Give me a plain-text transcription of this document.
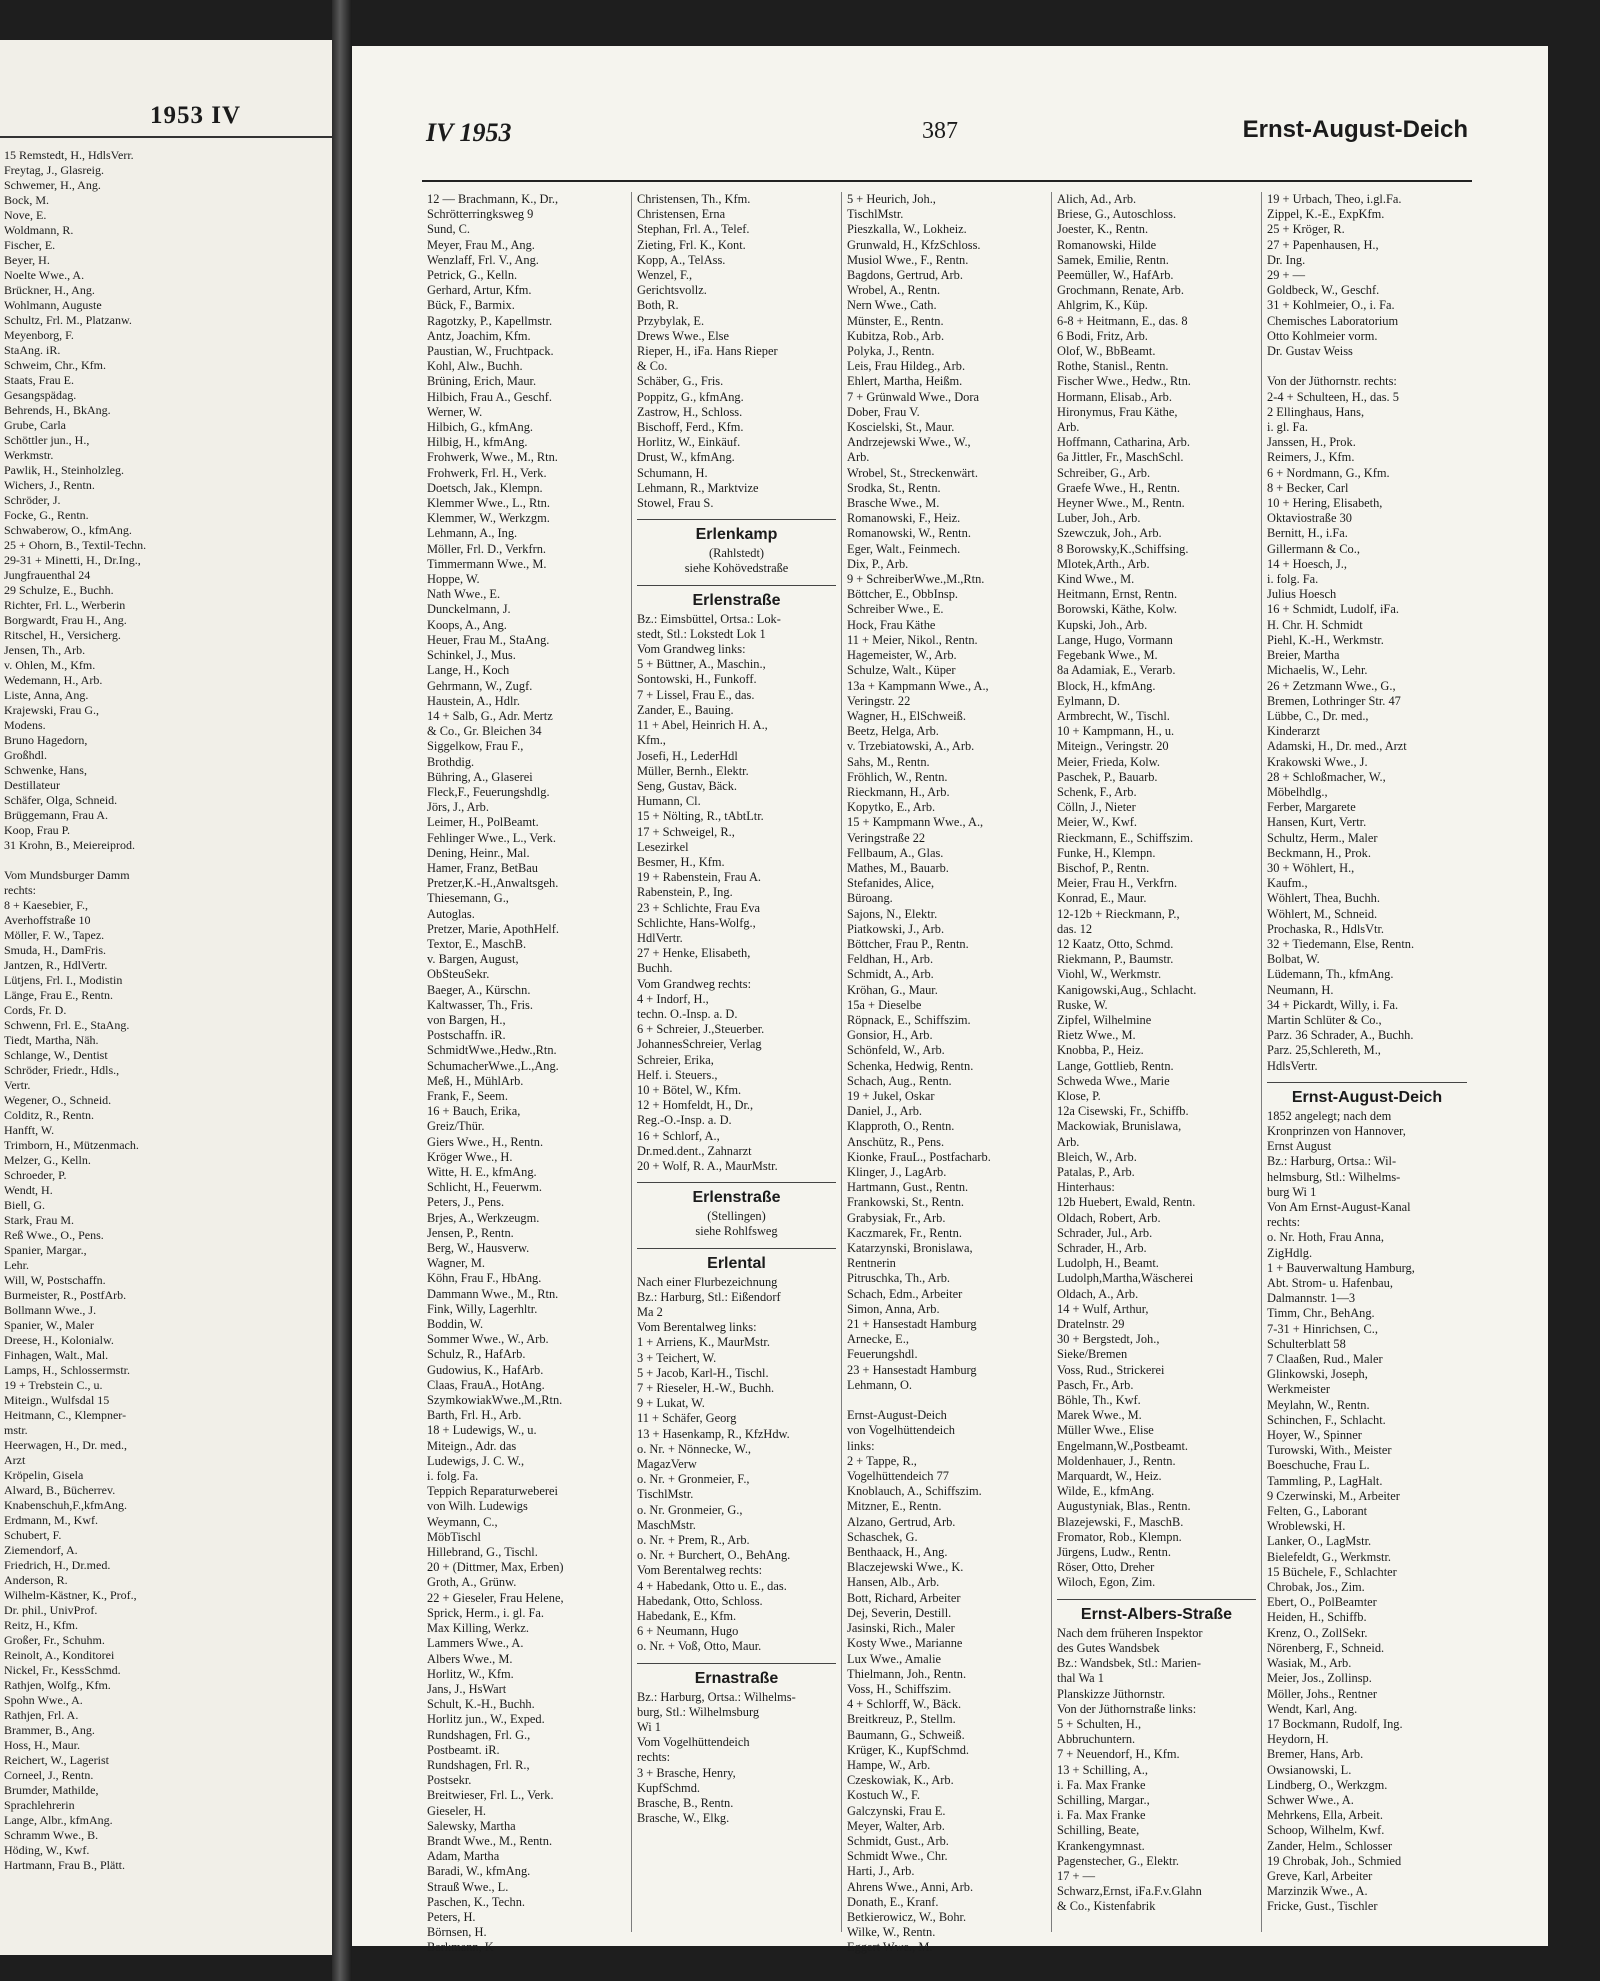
1953 IV
15 Remstedt, H., HdlsVerr.
Freytag, J., Glasreig.
Schwemer, H., Ang.
Bock, M.
Nove, E.
Woldmann, R.
Fischer, E.
Beyer, H.
Noelte Wwe., A.
Brückner, H., Ang.
Wohlmann, Auguste
Schultz, Frl. M., Platzanw.
Meyenborg, F.
StaAng. iR.
Schweim, Chr., Kfm.
Staats, Frau E.
Gesangspädag.
Behrends, H., BkAng.
Grube, Carla
Schöttler jun., H.,
Werkmstr.
Pawlik, H., Steinholzleg.
Wichers, J., Rentn.
Schröder, J.
Focke, G., Rentn.
Schwaberow, O., kfmAng.
25 + Ohorn, B., Textil-Techn.
29-31 + Minetti, H., Dr.Ing.,
Jungfrauenthal 24
29 Schulze, E., Buchh.
Richter, Frl. L., Werberin
Borgwardt, Frau H., Ang.
Ritschel, H., Versicherg.
Jensen, Th., Arb.
v. Ohlen, M., Kfm.
Wedemann, H., Arb.
Liste, Anna, Ang.
Krajewski, Frau G.,
Modens.
Bruno Hagedorn,
Großhdl.
Schwenke, Hans,
Destillateur
Schäfer, Olga, Schneid.
Brüggemann, Frau A.
Koop, Frau P.
31 Krohn, B., Meiereiprod.

Vom Mundsburger Damm
rechts:
8 + Kaesebier, F.,
Averhoffstraße 10
Möller, F. W., Tapez.
Smuda, H., DamFris.
Jantzen, R., HdlVertr.
Lütjens, Frl. I., Modistin
Länge, Frau E., Rentn.
Cords, Fr. D.
Schwenn, Frl. E., StaAng.
Tiedt, Martha, Näh.
Schlange, W., Dentist
Schröder, Friedr., Hdls.,
Vertr.
Wegener, O., Schneid.
Colditz, R., Rentn.
Hanfft, W.
Trimborn, H., Mützenmach.
Melzer, G., Kelln.
Schroeder, P.
Wendt, H.
Biell, G.
Stark, Frau M.
Reß Wwe., O., Pens.
Spanier, Margar.,
Lehr.
Will, W, Postschaffn.
Burmeister, R., PostfArb.
Bollmann Wwe., J.
Spanier, W., Maler
Dreese, H., Kolonialw.
Finhagen, Walt., Mal.
Lamps, H., Schlossermstr.
19 + Trebstein C., u.
Miteign., Wulfsdal 15
Heitmann, C., Klempner-
mstr.
Heerwagen, H., Dr. med.,
Arzt
Kröpelin, Gisela
Alward, B., Bücherrev.
Knabenschuh,F.,kfmAng.
Erdmann, M., Kwf.
Schubert, F.
Ziemendorf, A.
Friedrich, H., Dr.med.
Anderson, R.
Wilhelm-Kästner, K., Prof.,
Dr. phil., UnivProf.
Reitz, H., Kfm.
Großer, Fr., Schuhm.
Reinolt, A., Konditorei
Nickel, Fr., KessSchmd.
Rathjen, Wolfg., Kfm.
Spohn Wwe., A.
Rathjen, Frl. A.
Brammer, B., Ang.
Hoss, H., Maur.
Reichert, W., Lagerist
Corneel, J., Rentn.
Brumder, Mathilde,
Sprachlehrerin
Lange, Albr., kfmAng.
Schramm Wwe., B.
Höding, W., Kwf.
Hartmann, Frau B., Plätt.
IV 1953	387	Ernst-August-Deich
12 — Brachmann, K., Dr.,
Schrötterringksweg 9
Sund, C.
Meyer, Frau M., Ang.
Wenzlaff, Frl. V., Ang.
Petrick, G., Kelln.
Gerhard, Artur, Kfm.
Bück, F., Barmix.
Ragotzky, P., Kapellmstr.
Antz, Joachim, Kfm.
Paustian, W., Fruchtpack.
Kohl, Alw., Buchh.
Brüning, Erich, Maur.
Hilbich, Frau A., Geschf.
Werner, W.
Hilbich, G., kfmAng.
Hilbig, H., kfmAng.
Frohwerk, Wwe., M., Rtn.
Frohwerk, Frl. H., Verk.
Doetsch, Jak., Klempn.
Klemmer Wwe., L., Rtn.
Klemmer, W., Werkzgm.
Lehmann, A., Ing.
Möller, Frl. D., Verkfrn.
Timmermann Wwe., M.
Hoppe, W.
Nath Wwe., E.
Dunckelmann, J.
Koops, A., Ang.
Heuer, Frau M., StaAng.
Schinkel, J., Mus.
Lange, H., Koch
Gehrmann, W., Zugf.
Haustein, A., Hdlr.
14 + Salb, G., Adr. Mertz
& Co., Gr. Bleichen 34
Siggelkow, Frau F.,
Brothdig.
Bühring, A., Glaserei
Fleck,F., Feuerungshdlg.
Jörs, J., Arb.
Leimer, H., PolBeamt.
Fehlinger Wwe., L., Verk.
Dening, Heinr., Mal.
Hamer, Franz, BetBau
Pretzer,K.-H.,Anwaltsgeh.
Thiesemann, G.,
Autoglas.
Pretzer, Marie, ApothHelf.
Textor, E., MaschB.
v. Bargen, August,
ObSteuSekr.
Baeger, A., Kürschn.
Kaltwasser, Th., Fris.
von Bargen, H.,
Postschaffn. iR.
SchmidtWwe.,Hedw.,Rtn.
SchumacherWwe.,L.,Ang.
Meß, H., MühlArb.
Frank, F., Seem.
16 + Bauch, Erika,
Greiz/Thür.
Giers Wwe., H., Rentn.
Kröger Wwe., H.
Witte, H. E., kfmAng.
Schlicht, H., Feuerwm.
Peters, J., Pens.
Brjes, A., Werkzeugm.
Jensen, P., Rentn.
Berg, W., Hausverw.
Wagner, M.
Köhn, Frau F., HbAng.
Dammann Wwe., M., Rtn.
Fink, Willy, Lagerhltr.
Boddin, W.
Sommer Wwe., W., Arb.
Schulz, R., HafArb.
Gudowius, K., HafArb.
Claas, FrauA., HotAng.
SzymkowiakWwe.,M.,Rtn.
Barth, Frl. H., Arb.
18 + Ludewigs, W., u.
Miteign., Adr. das
Ludewigs, J. C. W.,
i. folg. Fa.
Teppich Reparaturweberei
von Wilh. Ludewigs
Weymann, C.,
MöbTischl
Hillebrand, G., Tischl.
20 + (Dittmer, Max, Erben)
Groth, A., Grünw.
22 + Gieseler, Frau Helene,
Sprick, Herm., i. gl. Fa.
Max Killing, Werkz.
Lammers Wwe., A.
Albers Wwe., M.
Horlitz, W., Kfm.
Jans, J., HsWart
Schult, K.-H., Buchh.
Horlitz jun., W., Exped.
Rundshagen, Frl. G.,
Postbeamt. iR.
Rundshagen, Frl. R.,
Postsekr.
Breitwieser, Frl. L., Verk.
Gieseler, H.
Salewsky, Martha
Brandt Wwe., M., Rentn.
Adam, Martha
Baradi, W., kfmAng.
Strauß Wwe., L.
Paschen, K., Techn.
Peters, H.
Börnsen, H.
Barkmann, K
Christensen, Th., Kfm.
Christensen, Erna
Stephan, Frl. A., Telef.
Zieting, Frl. K., Kont.
Kopp, A., TelAss.
Wenzel, F.,
Gerichtsvollz.
Both, R.
Przybylak, E.
Drews Wwe., Else
Rieper, H., iFa. Hans Rieper
& Co.
Schäber, G., Fris.
Poppitz, G., kfmAng.
Zastrow, H., Schloss.
Bischoff, Ferd., Kfm.
Horlitz, W., Einkäuf.
Drust, W., kfmAng.
Schumann, H.
Lehmann, R., Marktvize
Stowel, Frau S.
Erlenkamp
(Rahlstedt)
siehe Kohövedstraße
Erlenstraße
Bz.: Eimsbüttel, Ortsa.: Lok-
stedt, Stl.: Lokstedt Lok 1
Vom Grandweg links:
5 + Büttner, A., Maschin.,
Sontowski, H., Funkoff.
7 + Lissel, Frau E., das.
Zander, E., Bauing.
11 + Abel, Heinrich H. A.,
Kfm.,
Josefi, H., LederHdl
Müller, Bernh., Elektr.
Seng, Gustav, Bäck.
Humann, Cl.
15 + Nölting, R., tAbtLtr.
17 + Schweigel, R.,
Lesezirkel
Besmer, H., Kfm.
19 + Rabenstein, Frau A.
Rabenstein, P., Ing.
23 + Schlichte, Frau Eva
Schlichte, Hans-Wolfg.,
HdlVertr.
27 + Henke, Elisabeth,
Buchh.
Vom Grandweg rechts:
4 + Indorf, H.,
techn. O.-Insp. a. D.
6 + Schreier, J.,Steuerber.
JohannesSchreier, Verlag
Schreier, Erika,
Helf. i. Steuers.,
10 + Bötel, W., Kfm.
12 + Homfeldt, H., Dr.,
Reg.-O.-Insp. a. D.
16 + Schlorf, A.,
Dr.med.dent., Zahnarzt
20 + Wolf, R. A., MaurMstr.
Erlenstraße
(Stellingen)
siehe Rohlfsweg
Erlental
Nach einer Flurbezeichnung
Bz.: Harburg, Stl.: Eißendorf
Ma 2
Vom Berentalweg links:
1 + Arriens, K., MaurMstr.
3 + Teichert, W.
5 + Jacob, Karl-H., Tischl.
7 + Rieseler, H.-W., Buchh.
9 + Lukat, W.
11 + Schäfer, Georg
13 + Hasenkamp, R., KfzHdw.
o. Nr. + Nönnecke, W.,
MagazVerw
o. Nr. + Gronmeier, F.,
TischlMstr.
o. Nr. Gronmeier, G.,
MaschMstr.
o. Nr. + Prem, R., Arb.
o. Nr. + Burchert, O., BehAng.
Vom Berentalweg rechts:
4 + Habedank, Otto u. E., das.
Habedank, Otto, Schloss.
Habedank, E., Kfm.
6 + Neumann, Hugo
o. Nr. + Voß, Otto, Maur.
Ernastraße
Bz.: Harburg, Ortsa.: Wilhelms-
burg, Stl.: Wilhelmsburg
Wi 1
Vom Vogelhüttendeich
rechts:
3 + Brasche, Henry,
KupfSchmd.
Brasche, B., Rentn.
Brasche, W., Elkg.
5 + Heurich, Joh.,
TischlMstr.
Pieszkalla, W., Lokheiz.
Grunwald, H., KfzSchloss.
Musiol Wwe., F., Rentn.
Bagdons, Gertrud, Arb.
Wrobel, A., Rentn.
Nern Wwe., Cath.
Münster, E., Rentn.
Kubitza, Rob., Arb.
Polyka, J., Rentn.
Leis, Frau Hildeg., Arb.
Ehlert, Martha, Heißm.
7 + Grünwald Wwe., Dora
Dober, Frau V.
Koscielski, St., Maur.
Andrzejewski Wwe., W.,
Arb.
Wrobel, St., Streckenwärt.
Srodka, St., Rentn.
Brasche Wwe., M.
Romanowski, F., Heiz.
Romanowski, W., Rentn.
Eger, Walt., Feinmech.
Dix, P., Arb.
9 + SchreiberWwe.,M.,Rtn.
Böttcher, E., ObbInsp.
Schreiber Wwe., E.
Hock, Frau Käthe
11 + Meier, Nikol., Rentn.
Hagemeister, W., Arb.
Schulze, Walt., Küper
13a + Kampmann Wwe., A.,
Veringstr. 22
Wagner, H., ElSchweiß.
Beetz, Helga, Arb.
v. Trzebiatowski, A., Arb.
Sahs, M., Rentn.
Fröhlich, W., Rentn.
Rieckmann, H., Arb.
Kopytko, E., Arb.
15 + Kampmann Wwe., A.,
Veringstraße 22
Fellbaum, A., Glas.
Mathes, M., Bauarb.
Stefanides, Alice,
Büroang.
Sajons, N., Elektr.
Piatkowski, J., Arb.
Böttcher, Frau P., Rentn.
Feldhan, H., Arb.
Schmidt, A., Arb.
Kröhan, G., Maur.
15a + Dieselbe
Röpnack, E., Schiffszim.
Gonsior, H., Arb.
Schönfeld, W., Arb.
Schenka, Hedwig, Rentn.
Schach, Aug., Rentn.
19 + Jukel, Oskar
Daniel, J., Arb.
Klapproth, O., Rentn.
Anschütz, R., Pens.
Kionke, FrauL., Postfacharb.
Klinger, J., LagArb.
Hartmann, Gust., Rentn.
Frankowski, St., Rentn.
Grabysiak, Fr., Arb.
Kaczmarek, Fr., Rentn.
Katarzynski, Bronislawa,
Rentnerin
Pitruschka, Th., Arb.
Schach, Edm., Arbeiter
Simon, Anna, Arb.
21 + Hansestadt Hamburg
Arnecke, E.,
Feuerungshdl.
23 + Hansestadt Hamburg
Lehmann, O.

Ernst-August-Deich
von Vogelhüttendeich
links:
2 + Tappe, R.,
Vogelhüttendeich 77
Knoblauch, A., Schiffszim.
Mitzner, E., Rentn.
Alzano, Gertrud, Arb.
Schaschek, G.
Benthaack, H., Ang.
Blaczejewski Wwe., K.
Hansen, Alb., Arb.
Bott, Richard, Arbeiter
Dej, Severin, Destill.
Jasinski, Rich., Maler
Kosty Wwe., Marianne
Lux Wwe., Amalie
Thielmann, Joh., Rentn.
Voss, H., Schiffszim.
4 + Schlorff, W., Bäck.
Breitkreuz, P., Stellm.
Baumann, G., Schweiß.
Krüger, K., KupfSchmd.
Hampe, W., Arb.
Czeskowiak, K., Arb.
Kostuch W., F.
Galczynski, Frau E.
Meyer, Walter, Arb.
Schmidt, Gust., Arb.
Schmidt Wwe., Chr.
Harti, J., Arb.
Ahrens Wwe., Anni, Arb.
Donath, E., Kranf.
Betkierowicz, W., Bohr.
Wilke, W., Rentn.
Eggert Wwe., M.
Alich, Ad., Arb.
Briese, G., Autoschloss.
Joester, K., Rentn.
Romanowski, Hilde
Samek, Emilie, Rentn.
Peemüller, W., HafArb.
Grochmann, Renate, Arb.
Ahlgrim, K., Küp.
6-8 + Heitmann, E., das. 8
6 Bodi, Fritz, Arb.
Olof, W., BbBeamt.
Rothe, Stanisl., Rentn.
Fischer Wwe., Hedw., Rtn.
Hormann, Elisab., Arb.
Hironymus, Frau Käthe,
Arb.
Hoffmann, Catharina, Arb.
6a Jittler, Fr., MaschSchl.
Schreiber, G., Arb.
Graefe Wwe., H., Rentn.
Heyner Wwe., M., Rentn.
Luber, Joh., Arb.
Szewczuk, Joh., Arb.
8 Borowsky,K.,Schiffsing.
Mlotek,Arth., Arb.
Kind Wwe., M.
Heitmann, Ernst, Rentn.
Borowski, Käthe, Kolw.
Kupski, Joh., Arb.
Lange, Hugo, Vormann
Fegebank Wwe., M.
8a Adamiak, E., Verarb.
Block, H., kfmAng.
Eylmann, D.
Armbrecht, W., Tischl.
10 + Kampmann, H., u.
Miteign., Veringstr. 20
Meier, Frieda, Kolw.
Paschek, P., Bauarb.
Schenk, F., Arb.
Cölln, J., Nieter
Meier, W., Kwf.
Rieckmann, E., Schiffszim.
Funke, H., Klempn.
Bischof, P., Rentn.
Meier, Frau H., Verkfrn.
Konrad, E., Maur.
12-12b + Rieckmann, P.,
das. 12
12 Kaatz, Otto, Schmd.
Riekmann, P., Baumstr.
Viohl, W., Werkmstr.
Kanigowski,Aug., Schlacht.
Ruske, W.
Zipfel, Wilhelmine
Rietz Wwe., M.
Knobba, P., Heiz.
Lange, Gottlieb, Rentn.
Schweda Wwe., Marie
Klose, P.
12a Cisewski, Fr., Schiffb.
Mackowiak, Brunislawa,
Arb.
Bleich, W., Arb.
Patalas, P., Arb.
Hinterhaus:
12b Huebert, Ewald, Rentn.
Oldach, Robert, Arb.
Schrader, Jul., Arb.
Schrader, H., Arb.
Ludolph, H., Beamt.
Ludolph,Martha,Wäscherei
Oldach, A., Arb.
14 + Wulf, Arthur,
Dratelnstr. 29
30 + Bergstedt, Joh.,
Sieke/Bremen
Voss, Rud., Strickerei
Pasch, Fr., Arb.
Böhle, Th., Kwf.
Marek Wwe., M.
Müller Wwe., Elise
Engelmann,W.,Postbeamt.
Moldenhauer, J., Rentn.
Marquardt, W., Heiz.
Wilde, E., kfmAng.
Augustyniak, Blas., Rentn.
Blazejewski, F., MaschB.
Fromator, Rob., Klempn.
Jürgens, Ludw., Rentn.
Röser, Otto, Dreher
Wiloch, Egon, Zim.
Ernst-Albers-Straße
Nach dem früheren Inspektor
des Gutes Wandsbek
Bz.: Wandsbek, Stl.: Marien-
thal Wa 1
Planskizze Jüthornstr.
Von der Jüthornstraße links:
5 + Schulten, H.,
Abbruchuntern.
7 + Neuendorf, H., Kfm.
13 + Schilling, A.,
i. Fa. Max Franke
Schilling, Margar.,
i. Fa. Max Franke
Schilling, Beate,
Krankengymnast.
Pagenstecher, G., Elektr.
17 + —
Schwarz,Ernst, iFa.F.v.Glahn
& Co., Kistenfabrik
19 + Urbach, Theo, i.gl.Fa.
Zippel, K.-E., ExpKfm.
25 + Kröger, R.
27 + Papenhausen, H.,
Dr. Ing.
29 + —
Goldbeck, W., Geschf.
31 + Kohlmeier, O., i. Fa.
Chemisches Laboratorium
Otto Kohlmeier vorm.
Dr. Gustav Weiss

Von der Jüthornstr. rechts:
2-4 + Schulteen, H., das. 5
2 Ellinghaus, Hans,
i. gl. Fa.
Janssen, H., Prok.
Reimers, J., Kfm.
6 + Nordmann, G., Kfm.
8 + Becker, Carl
10 + Hering, Elisabeth,
Oktaviostraße 30
Bernitt, H., i.Fa.
Gillermann & Co.,
14 + Hoesch, J.,
i. folg. Fa.
Julius Hoesch
16 + Schmidt, Ludolf, iFa.
H. Chr. H. Schmidt
Piehl, K.-H., Werkmstr.
Breier, Martha
Michaelis, W., Lehr.
26 + Zetzmann Wwe., G.,
Bremen, Lothringer Str. 47
Lübbe, C., Dr. med.,
Kinderarzt
Adamski, H., Dr. med., Arzt
Krakowski Wwe., J.
28 + Schloßmacher, W.,
Möbelhdlg.,
Ferber, Margarete
Hansen, Kurt, Vertr.
Schultz, Herm., Maler
Beckmann, H., Prok.
30 + Wöhlert, H.,
Kaufm.,
Wöhlert, Thea, Buchh.
Wöhlert, M., Schneid.
Prochaska, R., HdlsVtr.
32 + Tiedemann, Else, Rentn.
Bolbat, W.
Lüdemann, Th., kfmAng.
Neumann, H.
34 + Pickardt, Willy, i. Fa.
Martin Schlüter & Co.,
Parz. 36 Schrader, A., Buchh.
Parz. 25,Schlereth, M.,
HdlsVertr.
Ernst-August-Deich
1852 angelegt; nach dem
Kronprinzen von Hannover,
Ernst August
Bz.: Harburg, Ortsa.: Wil-
helmsburg, Stl.: Wilhelms-
burg Wi 1
Von Am Ernst-August-Kanal
rechts:
o. Nr. Hoth, Frau Anna,
ZigHdlg.
1 + Bauverwaltung Hamburg,
Abt. Strom- u. Hafenbau,
Dalmannstr. 1—3
Timm, Chr., BehAng.
7-31 + Hinrichsen, C.,
Schulterblatt 58
7 Claaßen, Rud., Maler
Glinkowski, Joseph,
Werkmeister
Meylahn, W., Rentn.
Schinchen, F., Schlacht.
Hoyer, W., Spinner
Turowski, With., Meister
Boeschuche, Frau L.
Tammling, P., LagHalt.
9 Czerwinski, M., Arbeiter
Felten, G., Laborant
Wroblewski, H.
Lanker, O., LagMstr.
Bielefeldt, G., Werkmstr.
15 Büchele, F., Schlachter
Chrobak, Jos., Zim.
Ebert, O., PolBeamter
Heiden, H., Schiffb.
Krenz, O., ZollSekr.
Nörenberg, F., Schneid.
Wasiak, M., Arb.
Meier, Jos., Zollinsp.
Möller, Johs., Rentner
Wendt, Karl, Ang.
17 Bockmann, Rudolf, Ing.
Heydorn, H.
Bremer, Hans, Arb.
Owsianowski, L.
Lindberg, O., Werkzgm.
Schwer Wwe., A.
Mehrkens, Ella, Arbeit.
Schoop, Wilhelm, Kwf.
Zander, Helm., Schlosser
19 Chrobak, Joh., Schmied
Greve, Karl, Arbeiter
Marzinzik Wwe., A.
Fricke, Gust., Tischler
